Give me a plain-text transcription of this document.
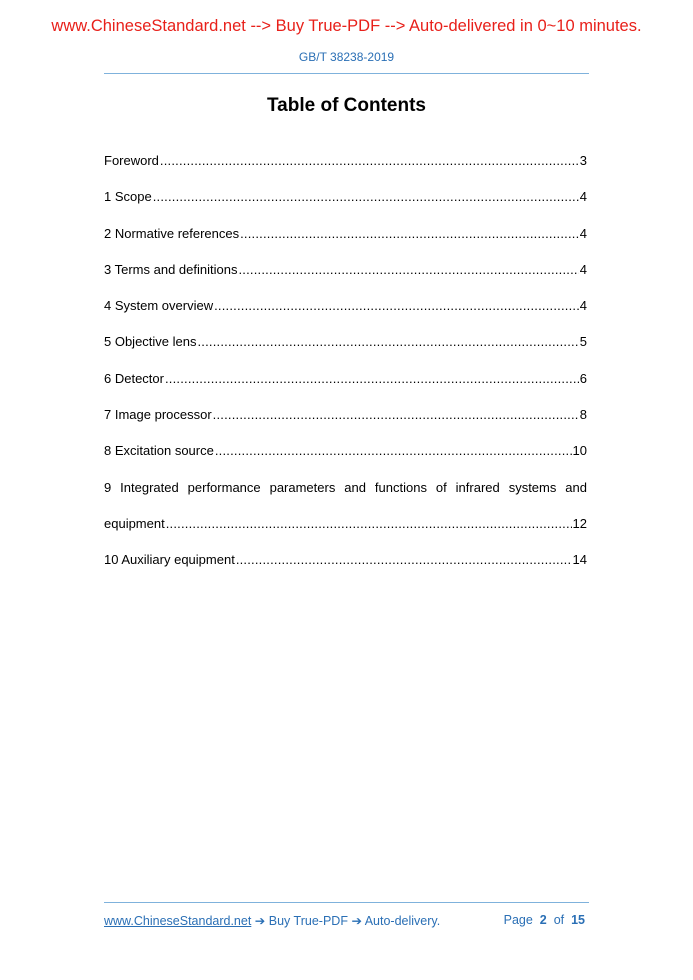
www.ChineseStandard.net --> Buy True-PDF --> Auto-delivered in 0~10 minutes.
GB/T 38238-2019
Table of Contents
Foreword .....	3
1 Scope .....	4
2 Normative references .....	4
3 Terms and definitions .....	4
4 System overview .....	4
5 Objective lens .....	5
6 Detector .....	6
7 Image processor .....	8
8 Excitation source .....	10
9 Integrated performance parameters and functions of infrared systems and
equipment .....	12
10 Auxiliary equipment .....	14
www.ChineseStandard.net ➔ Buy True-PDF ➔ Auto-delivery.	Page 2 of 15
